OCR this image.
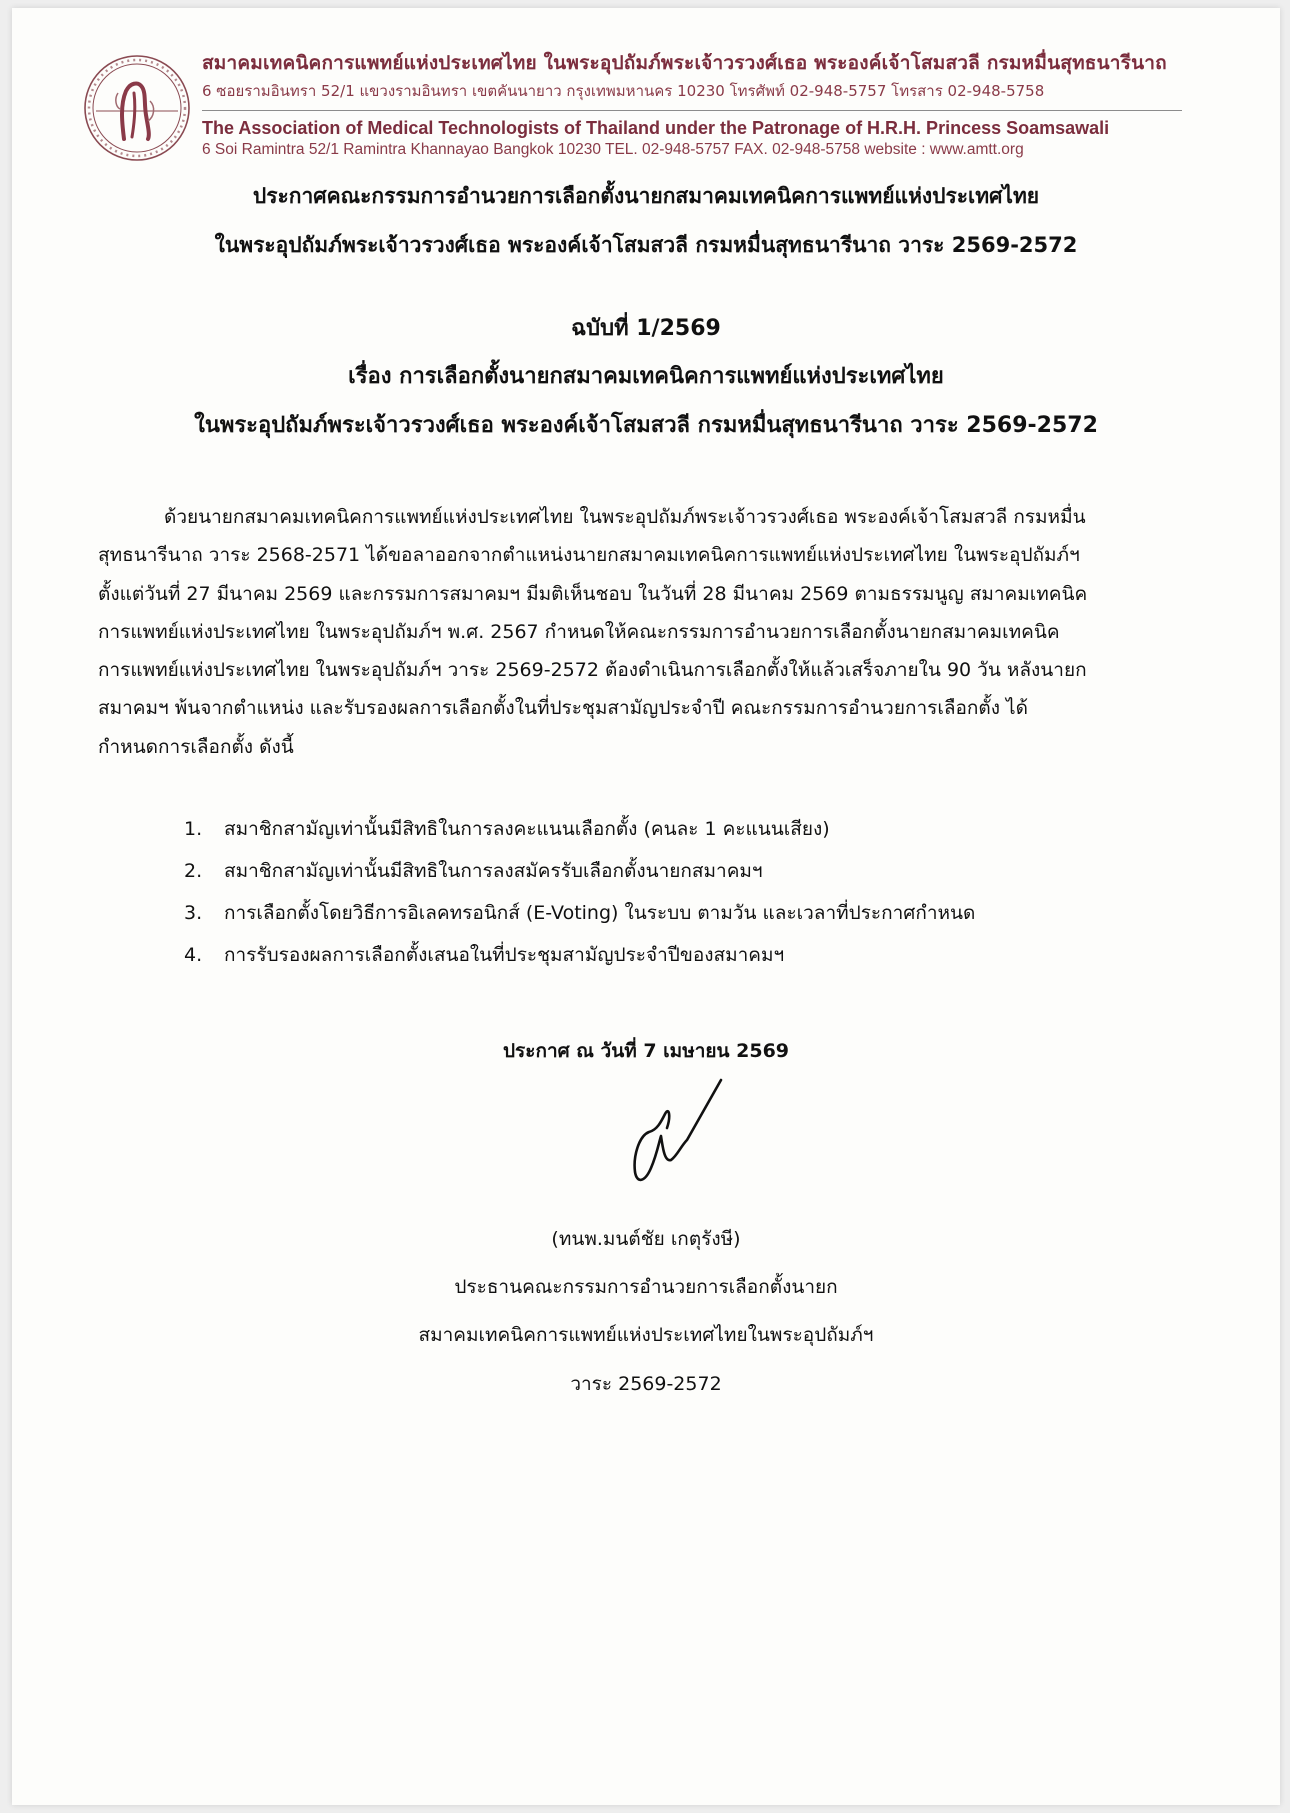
สมาคมเทคนิคการแพทย์แห่งประเทศไทย ในพระอุปถัมภ์พระเจ้าวรวงศ์เธอ พระองค์เจ้าโสมสวลี กรมหมื่นสุทธนารีนาถ
6 ซอยรามอินทรา 52/1 แขวงรามอินทรา เขตคันนายาว กรุงเทพมหานคร 10230 โทรศัพท์ 02-948-5757 โทรสาร 02-948-5758
The Association of Medical Technologists of Thailand under the Patronage of H.R.H. Princess Soamsawali
6 Soi Ramintra 52/1 Ramintra Khannayao Bangkok 10230 TEL. 02-948-5757 FAX. 02-948-5758 website : www.amtt.org
ประกาศคณะกรรมการอำนวยการเลือกตั้งนายกสมาคมเทคนิคการแพทย์แห่งประเทศไทย
ในพระอุปถัมภ์พระเจ้าวรวงศ์เธอ พระองค์เจ้าโสมสวลี กรมหมื่นสุทธนารีนาถ วาระ 2569-2572
ฉบับที่ 1/2569
เรื่อง การเลือกตั้งนายกสมาคมเทคนิคการแพทย์แห่งประเทศไทย
ในพระอุปถัมภ์พระเจ้าวรวงศ์เธอ พระองค์เจ้าโสมสวลี กรมหมื่นสุทธนารีนาถ วาระ 2569-2572
ด้วยนายกสมาคมเทคนิคการแพทย์แห่งประเทศไทย ในพระอุปถัมภ์พระเจ้าวรวงศ์เธอ พระองค์เจ้าโสมสวลี กรมหมื่น
สุทธนารีนาถ วาระ 2568-2571 ได้ขอลาออกจากตำแหน่งนายกสมาคมเทคนิคการแพทย์แห่งประเทศไทย ในพระอุปถัมภ์ฯ
ตั้งแต่วันที่ 27 มีนาคม 2569 และกรรมการสมาคมฯ มีมติเห็นชอบ ในวันที่ 28 มีนาคม 2569 ตามธรรมนูญ สมาคมเทคนิค
การแพทย์แห่งประเทศไทย ในพระอุปถัมภ์ฯ พ.ศ. 2567 กำหนดให้คณะกรรมการอำนวยการเลือกตั้งนายกสมาคมเทคนิค
การแพทย์แห่งประเทศไทย ในพระอุปถัมภ์ฯ วาระ 2569-2572 ต้องดำเนินการเลือกตั้งให้แล้วเสร็จภายใน 90 วัน หลังนายก
สมาคมฯ พ้นจากตำแหน่ง และรับรองผลการเลือกตั้งในที่ประชุมสามัญประจำปี คณะกรรมการอำนวยการเลือกตั้ง ได้
กำหนดการเลือกตั้ง ดังนี้
1. สมาชิกสามัญเท่านั้นมีสิทธิในการลงคะแนนเลือกตั้ง (คนละ 1 คะแนนเสียง)
2. สมาชิกสามัญเท่านั้นมีสิทธิในการลงสมัครรับเลือกตั้งนายกสมาคมฯ
3. การเลือกตั้งโดยวิธีการอิเลคทรอนิกส์ (E-Voting) ในระบบ ตามวัน และเวลาที่ประกาศกำหนด
4. การรับรองผลการเลือกตั้งเสนอในที่ประชุมสามัญประจำปีของสมาคมฯ
ประกาศ ณ วันที่ 7 เมษายน 2569
(ทนพ.มนต์ชัย เกตุรังษี)
ประธานคณะกรรมการอำนวยการเลือกตั้งนายก
สมาคมเทคนิคการแพทย์แห่งประเทศไทยในพระอุปถัมภ์ฯ
วาระ 2569-2572
